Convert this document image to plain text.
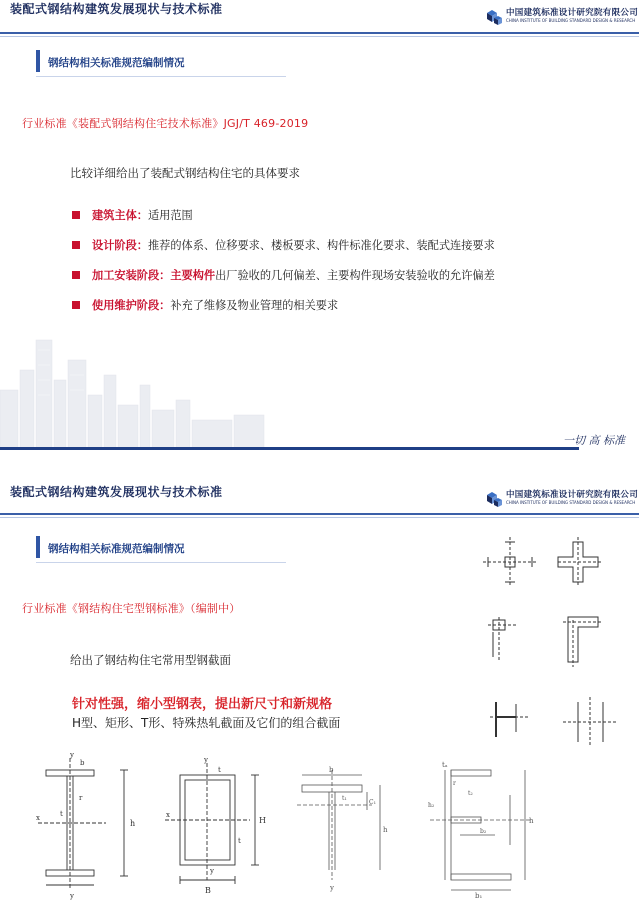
装配式钢结构建筑发展现状与技术标准	中国建筑标准设计研究院有限公司
CHINA INSTITUTE OF BUILDING STANDARD DESIGN & RESEARCH
钢结构相关标准规范编制情况
行业标准《装配式钢结构住宅技术标准》JGJ/T 469-2019
比较详细给出了装配式钢结构住宅的具体要求
建筑主体：适用范围
设计阶段：推荐的体系、位移要求、楼板要求、构件标准化要求、装配式连接要求
加工安装阶段：主要构件出厂验收的几何偏差、主要构件现场安装验收的允许偏差
使用维护阶段：补充了维修及物业管理的相关要求
一切 高 标准
装配式钢结构建筑发展现状与技术标准	中国建筑标准设计研究院有限公司
CHINA INSTITUTE OF BUILDING STANDARD DESIGN & RESEARCH
钢结构相关标准规范编制情况
行业标准《钢结构住宅型钢标准》（编制中）
给出了钢结构住宅常用型钢截面
针对性强，缩小型钢表，提出新尺寸和新规格
H型、矩形、T形、特殊热轧截面及它们的组合截面
y
b
r
t
x
h
y
y
t
x
H
t
B
y
b
t₁
C₁
h
y
tₐ
r
t₂
h₂
b₂
h
b₁
